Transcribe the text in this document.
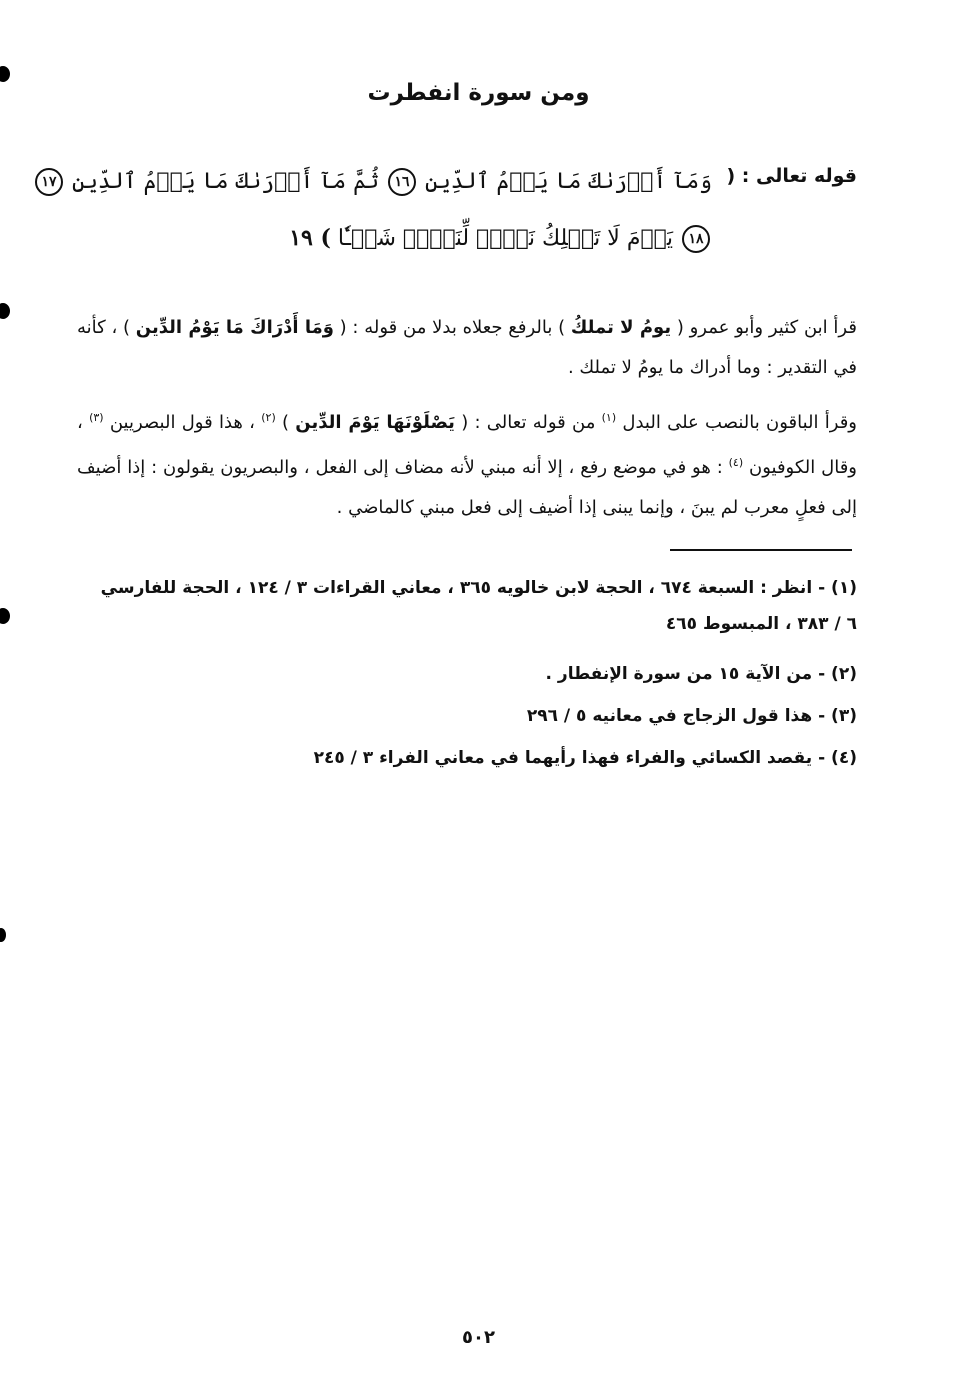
ومن سورة انفطرت
قوله تعالى : (
وَمَآ أَدۡرَىٰكَ مَا يَوۡمُ ٱلدِّينِ ١٦ ثُمَّ مَآ أَدۡرَىٰكَ مَا يَوۡمُ ٱلدِّينِ ١٧
١٨ يَوۡمَ لَا تَمۡلِكُ نَفۡسٞ لِّنَفۡسٖ شَيۡـٔٗا ) ١٩
قرأ ابن كثير وأبو عمرو ( يومُ لا تملكُ ) بالرفع جعلاه بدلا من قوله : ( وَمَا أَدْرَاكَ مَا يَوْمُ الدِّين ) ، كأنه في التقدير : وما أدراك ما يومُ لا تملك .
وقرأ الباقون بالنصب على البدل $^{(١)}$ من قوله تعالى : ( يَصْلَوْنَهَا يَوْمَ الدِّين ) $^{(٢)}$ ، هذا قول البصريين $^{(٣)}$ ، وقال الكوفيون $^{(٤)}$ : هو في موضع رفع ، إلا أنه مبني لأنه مضاف إلى الفعل ، والبصريون يقولون : إذا أضيف إلى فعلٍ معرب لم يبنَ ، وإنما يبنى إذا أضيف إلى فعل مبني كالماضي .
(١) - انظر : السبعة ٦٧٤ ، الحجة لابن خالويه ٣٦٥ ، معاني القراءات ٣ / ١٢٤ ، الحجة للفارسي ٦ / ٣٨٣ ، المبسوط ٤٦٥
(٢) - من الآية ١٥ من سورة الإنفطار .
(٣) - هذا قول الزجاج في معانيه ٥ / ٢٩٦
(٤) - يقصد الكسائي والفراء فهذا رأيهما في معاني الفراء ٣ / ٢٤٥
٥٠٢
